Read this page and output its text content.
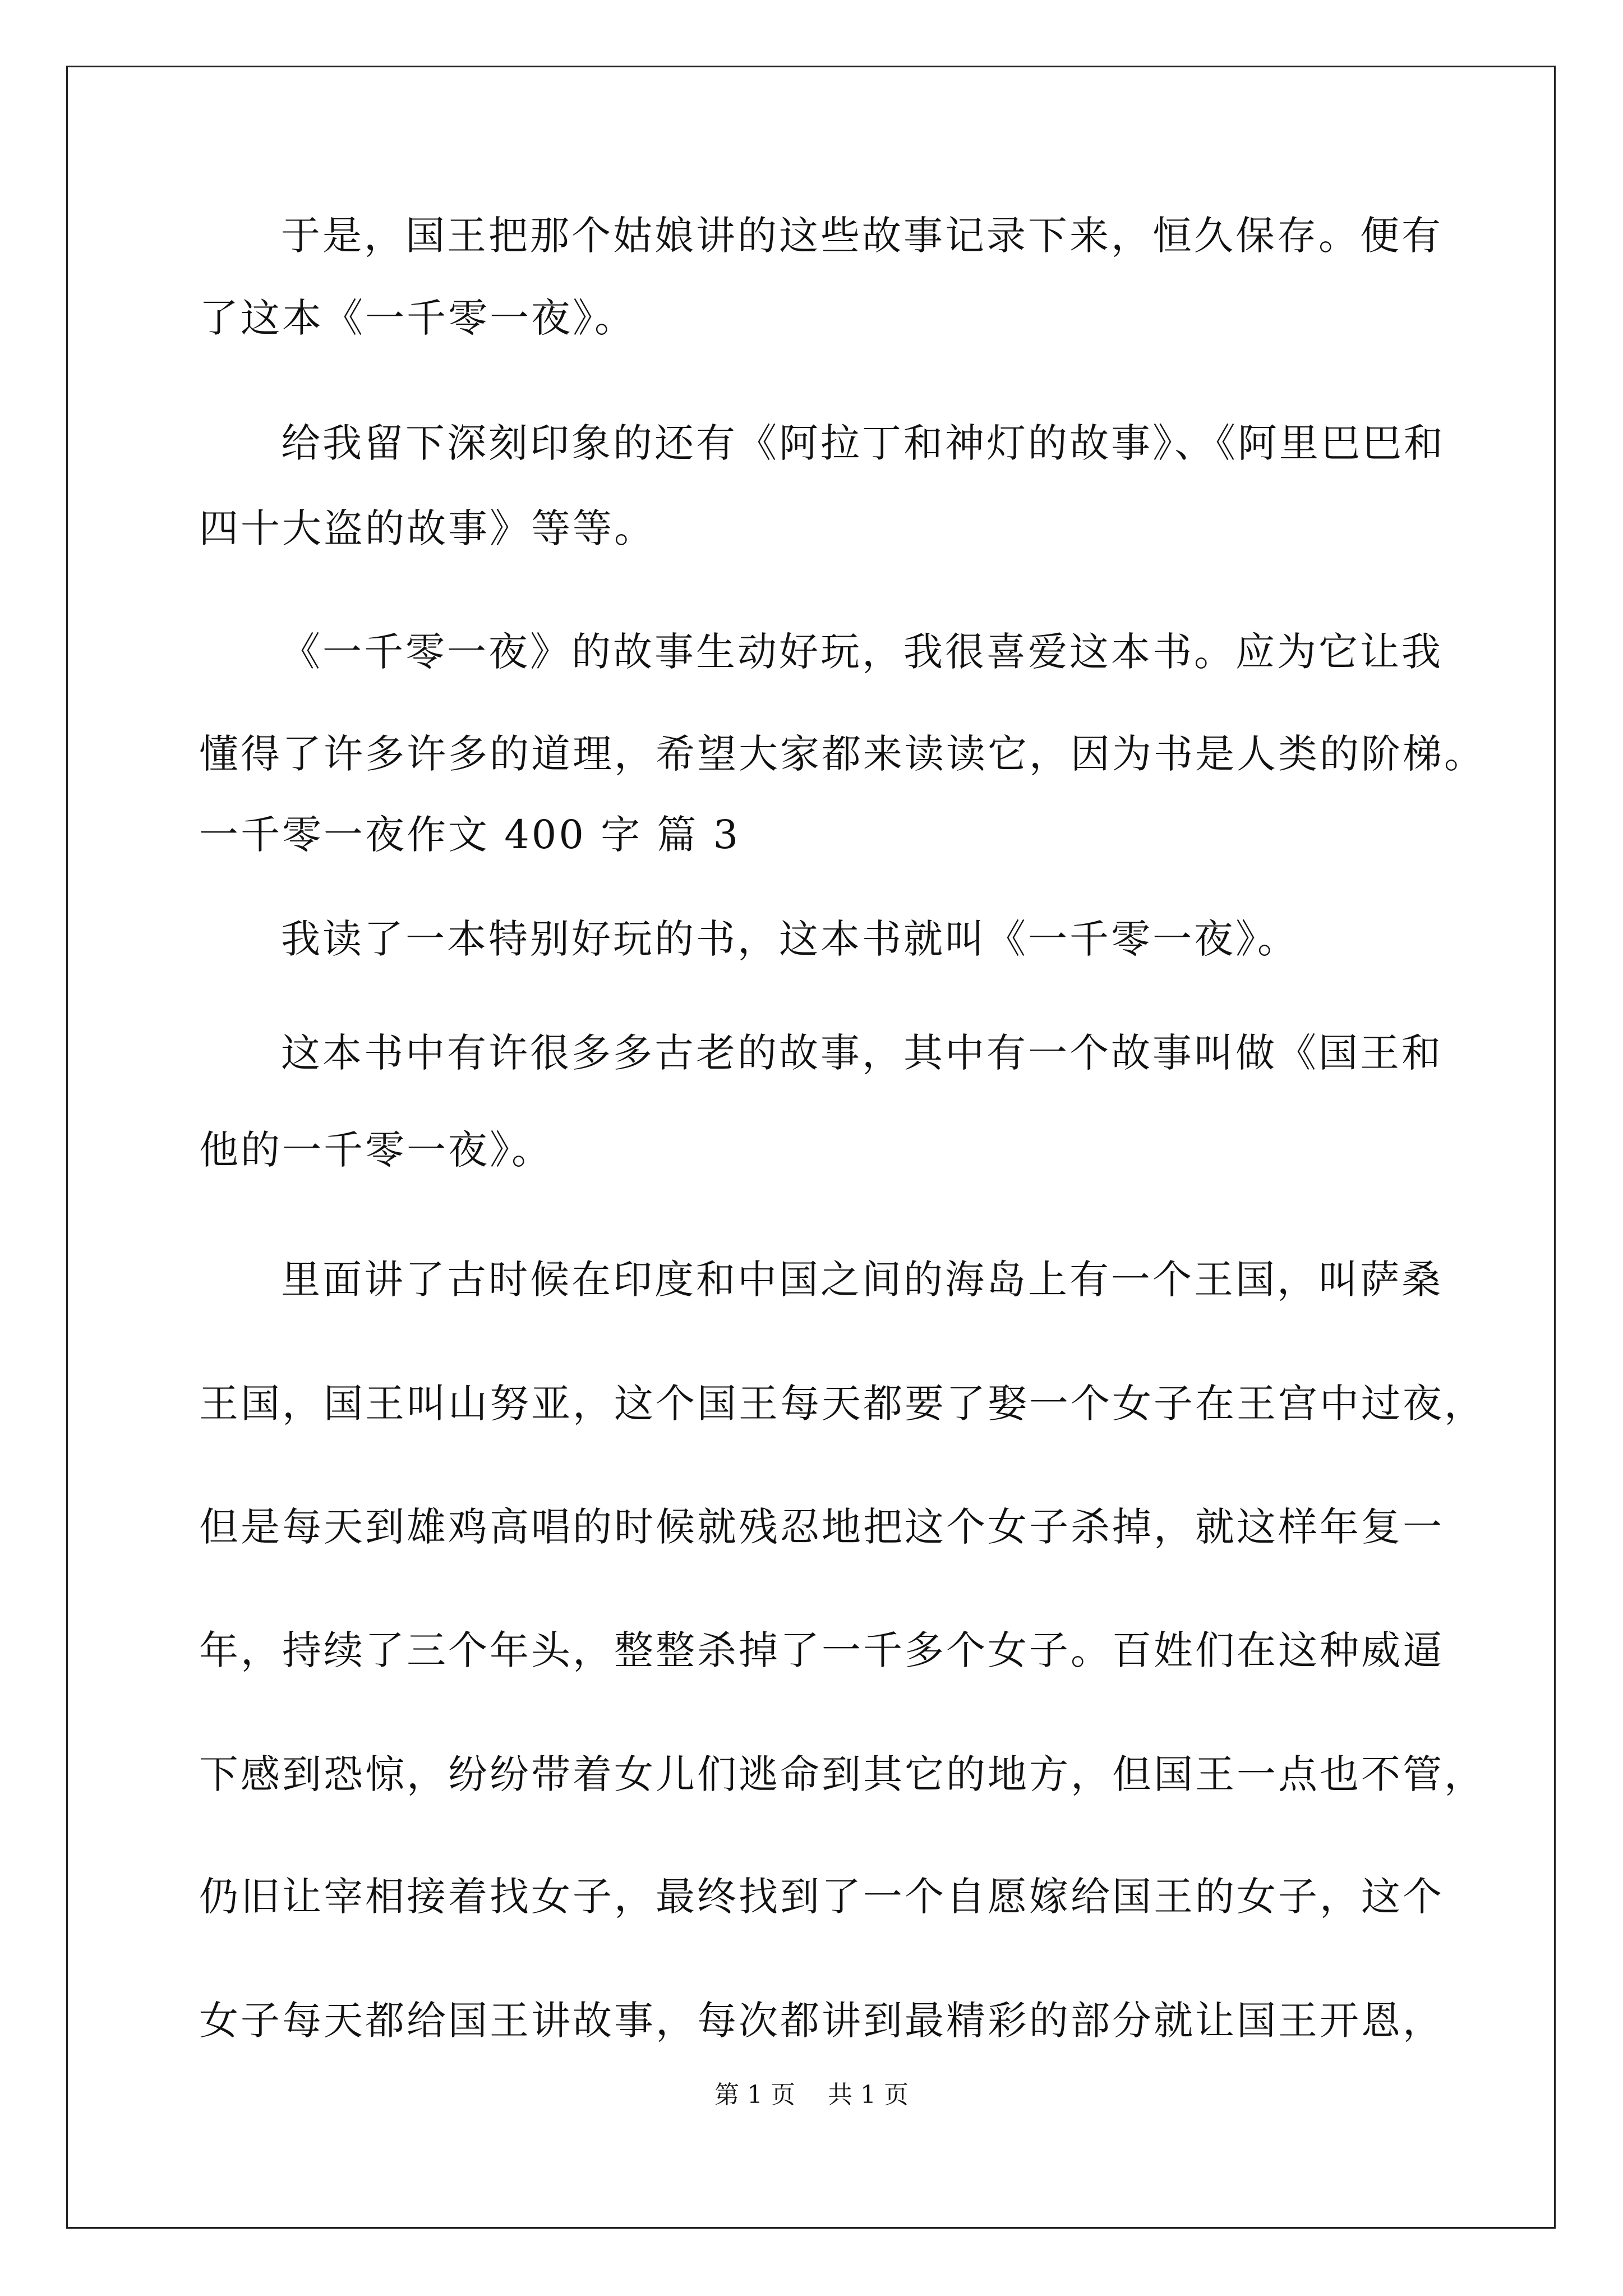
于是，国王把那个姑娘讲的这些故事记录下来，恒久保存。便有
了这本《一千零一夜》。
给我留下深刻印象的还有《阿拉丁和神灯的故事》、《阿里巴巴和
四十大盗的故事》等等。
《一千零一夜》的故事生动好玩，我很喜爱这本书。应为它让我
懂得了许多许多的道理，希望大家都来读读它，因为书是人类的阶梯。
一千零一夜作文 400 字 篇 3
我读了一本特别好玩的书，这本书就叫《一千零一夜》。
这本书中有许很多多古老的故事，其中有一个故事叫做《国王和
他的一千零一夜》。
里面讲了古时候在印度和中国之间的海岛上有一个王国，叫萨桑
王国，国王叫山努亚，这个国王每天都要了娶一个女子在王宫中过夜，
但是每天到雄鸡高唱的时候就残忍地把这个女子杀掉，就这样年复一
年，持续了三个年头，整整杀掉了一千多个女子。百姓们在这种威逼
下感到恐惊，纷纷带着女儿们逃命到其它的地方，但国王一点也不管，
仍旧让宰相接着找女子，最终找到了一个自愿嫁给国王的女子，这个
女子每天都给国王讲故事，每次都讲到最精彩的部分就让国王开恩，
第 1 页 共 1 页
